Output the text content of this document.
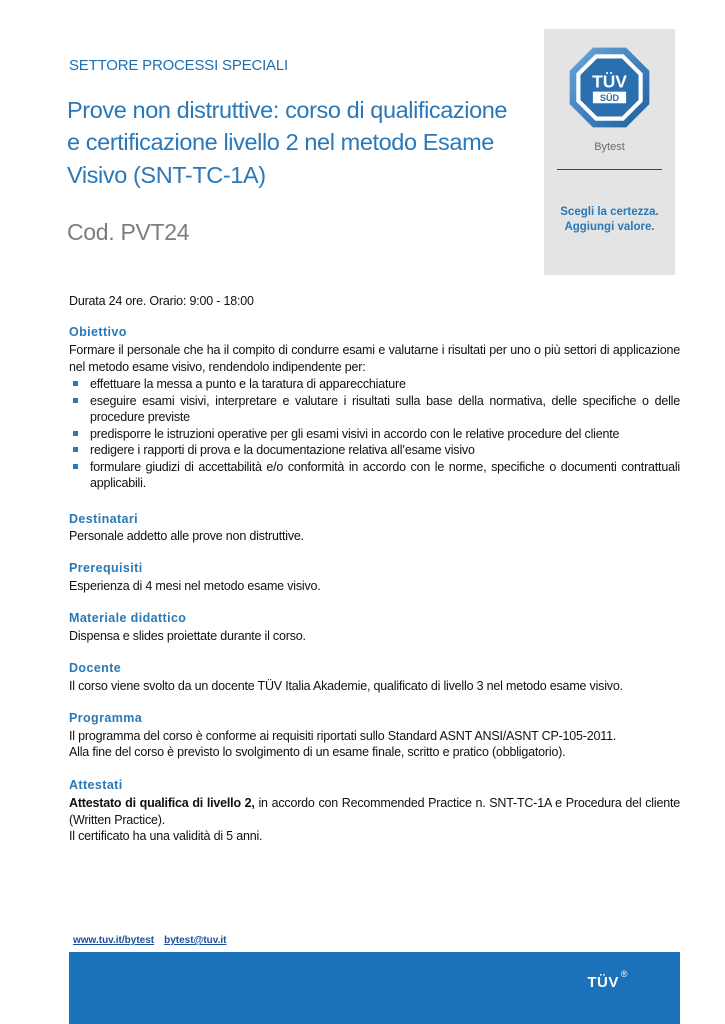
SETTORE PROCESSI SPECIALI
Prove non distruttive: corso di qualificazione
e certificazione livello 2 nel metodo Esame
Visivo (SNT-TC-1A)
Cod. PVT24
TÜV
SÜD
Bytest
Scegli la certezza.
Aggiungi valore.
Durata 24 ore. Orario: 9:00 - 18:00
Obiettivo
Formare il personale che ha il compito di condurre esami e valutarne i risultati per uno o più settori di applicazione nel metodo esame visivo, rendendolo indipendente per:
effettuare la messa a punto e la taratura di apparecchiature
eseguire esami visivi, interpretare e valutare i risultati sulla base della normativa, delle specifiche o delle procedure previste
predisporre le istruzioni operative per gli esami visivi in accordo con le relative procedure del cliente
redigere i rapporti di prova e la documentazione relativa all’esame visivo
formulare giudizi di accettabilità e/o conformità in accordo con le norme, specifiche o documenti contrattuali applicabili.
Destinatari
Personale addetto alle prove non distruttive.
Prerequisiti
Esperienza di 4 mesi nel metodo esame visivo.
Materiale didattico
Dispensa e slides proiettate durante il corso.
Docente
Il corso viene svolto da un docente TÜV Italia Akademie, qualificato di livello 3 nel metodo esame visivo.
Programma
Il programma del corso è conforme ai requisiti riportati sullo Standard ASNT ANSI/ASNT CP-105-2011.
Alla fine del corso è previsto lo svolgimento di un esame finale, scritto e pratico (obbligatorio).
Attestati
Attestato di qualifica di livello 2, in accordo con Recommended Practice n. SNT-TC-1A e Procedura del cliente (Written Practice).
Il certificato ha una validità di 5 anni.
www.tuv.it/bytest bytest@tuv.it
TÜV ®
